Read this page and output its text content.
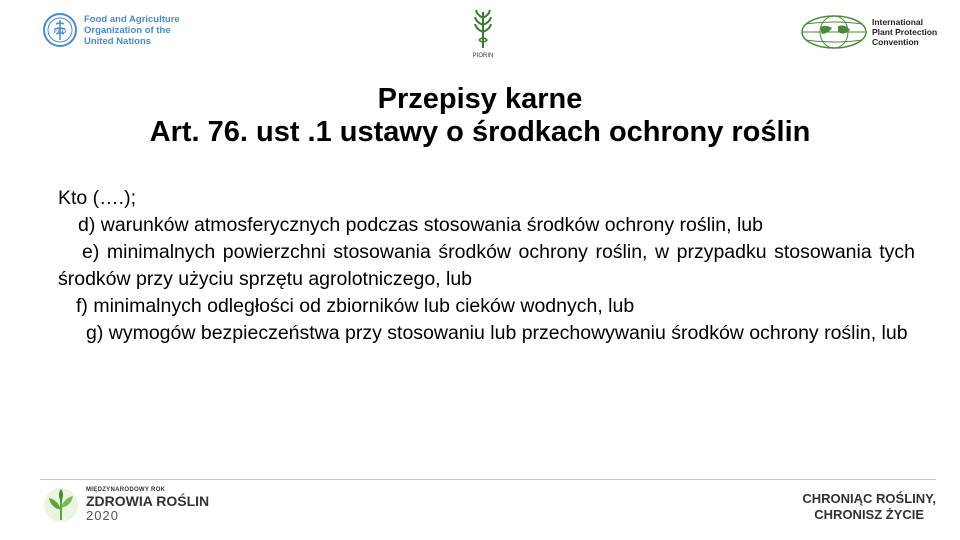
FAO
Food and Agriculture
Organization of the
United Nations
PIORIN
International
Plant Protection
Convention
Przepisy karne
Art. 76. ust .1 ustawy o środkach ochrony roślin

Kto (….);

d) warunków atmosferycznych podczas stosowania środków ochrony roślin, lub

e) minimalnych powierzchni stosowania środków ochrony roślin, w przypadku stosowania tych środków przy użyciu sprzętu agrolotniczego, lub

f) minimalnych odległości od zbiorników lub cieków wodnych, lub

g) wymogów bezpieczeństwa przy stosowaniu lub przechowywaniu środków ochrony roślin, lub

MIĘDZYNARODOWY ROK
ZDROWIA ROŚLIN
2020
CHRONIĄC ROŚLINY,
CHRONISZ ŻYCIE
